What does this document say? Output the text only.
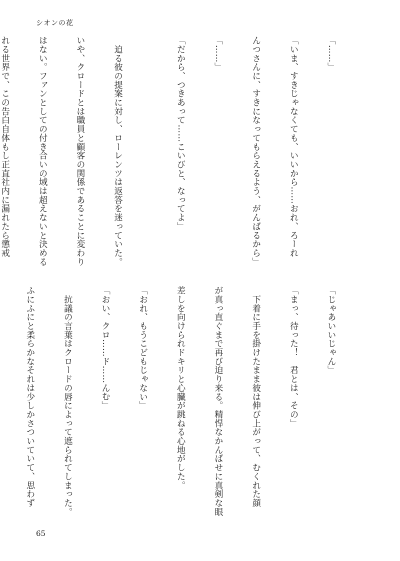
シオンの花

「……」

「いま、すきじゃなくても、いいから……おれ、ろーれ

んつさんに、すきになってもらえるよう、がんばるから」

「……」

「だから、つきあって……こいびと、なってよ」

　迫る彼の提案に対し、ローレンツは返答を迷っていた。

いや、クロードとは職員と顧客の関係であることに変わり

はない。ファンとしての付き合いの域は超えないと決める

れる世界で、この告白自体もし正直社内に漏れたら懲戒

「じゃあいいじゃん」

「まっ、待った！　君とは、その」

　下着に手を掛けたまま彼は伸び上がって、むくれた顔

が真っ直ぐまで再び迫り来る。精悍なかんばせに真剣な眼

差しを向けられドキリと心臓が跳ねる心地がした。

「おれ、もうこどもじゃない」

「おい、クロ……ド……んむ」

　抗議の言葉はクロードの唇によって遮られてしまった。

ふにふにと柔らかなそれは少しかさついていて、思わず

65
